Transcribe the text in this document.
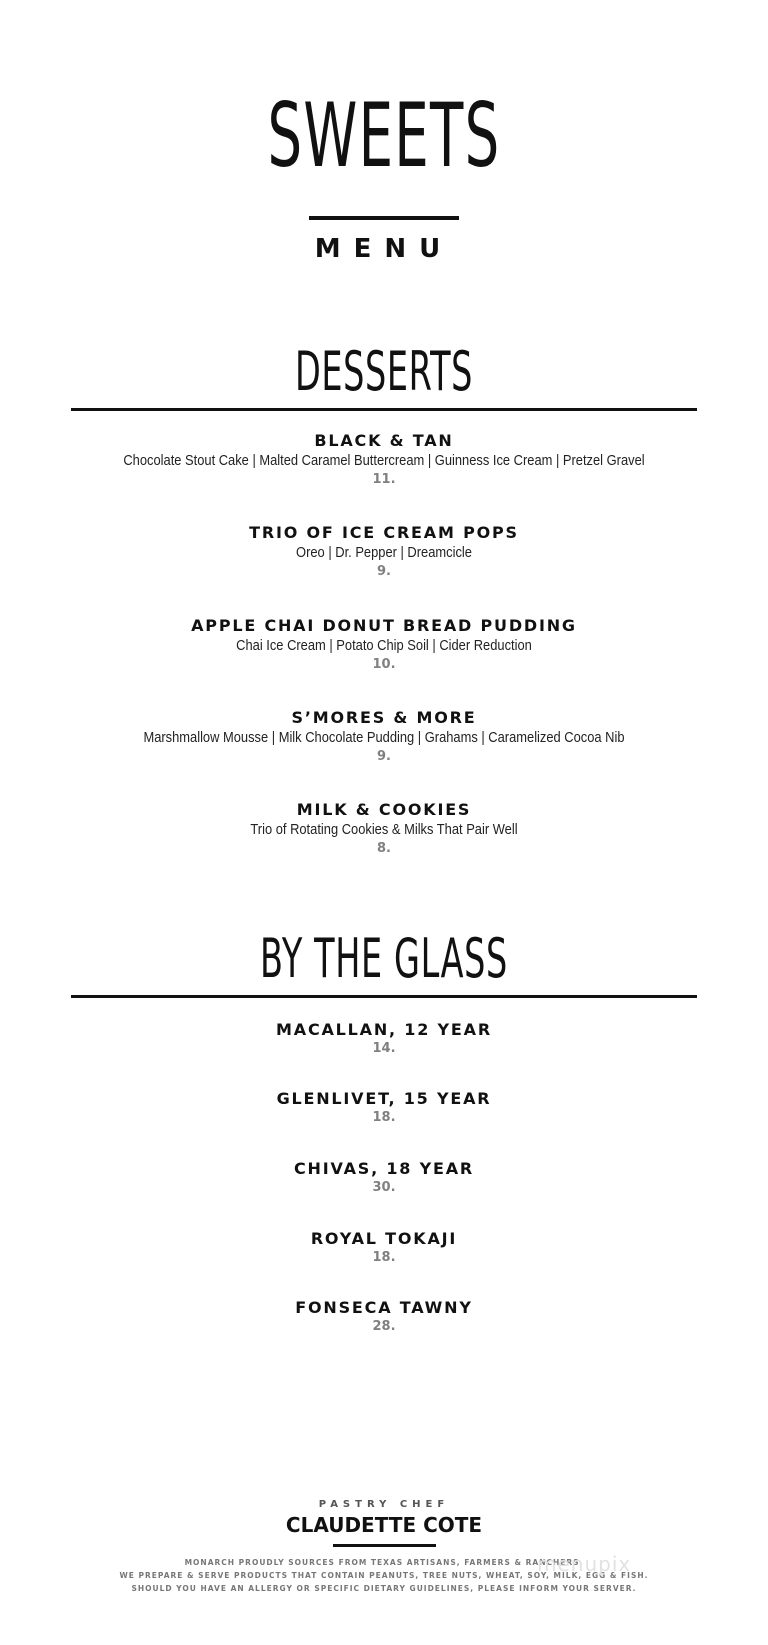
SWEETS
MENU
DESSERTS
BLACK & TAN
Chocolate Stout Cake | Malted Caramel Buttercream | Guinness Ice Cream | Pretzel Gravel
11.
TRIO OF ICE CREAM POPS
Oreo | Dr. Pepper | Dreamcicle
9.
APPLE CHAI DONUT BREAD PUDDING
Chai Ice Cream | Potato Chip Soil | Cider Reduction
10.
S’MORES & MORE
Marshmallow Mousse | Milk Chocolate Pudding | Grahams | Caramelized Cocoa Nib
9.
MILK & COOKIES
Trio of Rotating Cookies & Milks That Pair Well
8.
BY THE GLASS
MACALLAN, 12 YEAR
14.
GLENLIVET, 15 YEAR
18.
CHIVAS, 18 YEAR
30.
ROYAL TOKAJI
18.
FONSECA TAWNY
28.
PASTRY CHEF
CLAUDETTE COTE
MONARCH PROUDLY SOURCES FROM TEXAS ARTISANS, FARMERS & RANCHERS.
WE PREPARE & SERVE PRODUCTS THAT CONTAIN PEANUTS, TREE NUTS, WHEAT, SOY, MILK, EGG & FISH.
SHOULD YOU HAVE AN ALLERGY OR SPECIFIC DIETARY GUIDELINES, PLEASE INFORM YOUR SERVER.
menupix
